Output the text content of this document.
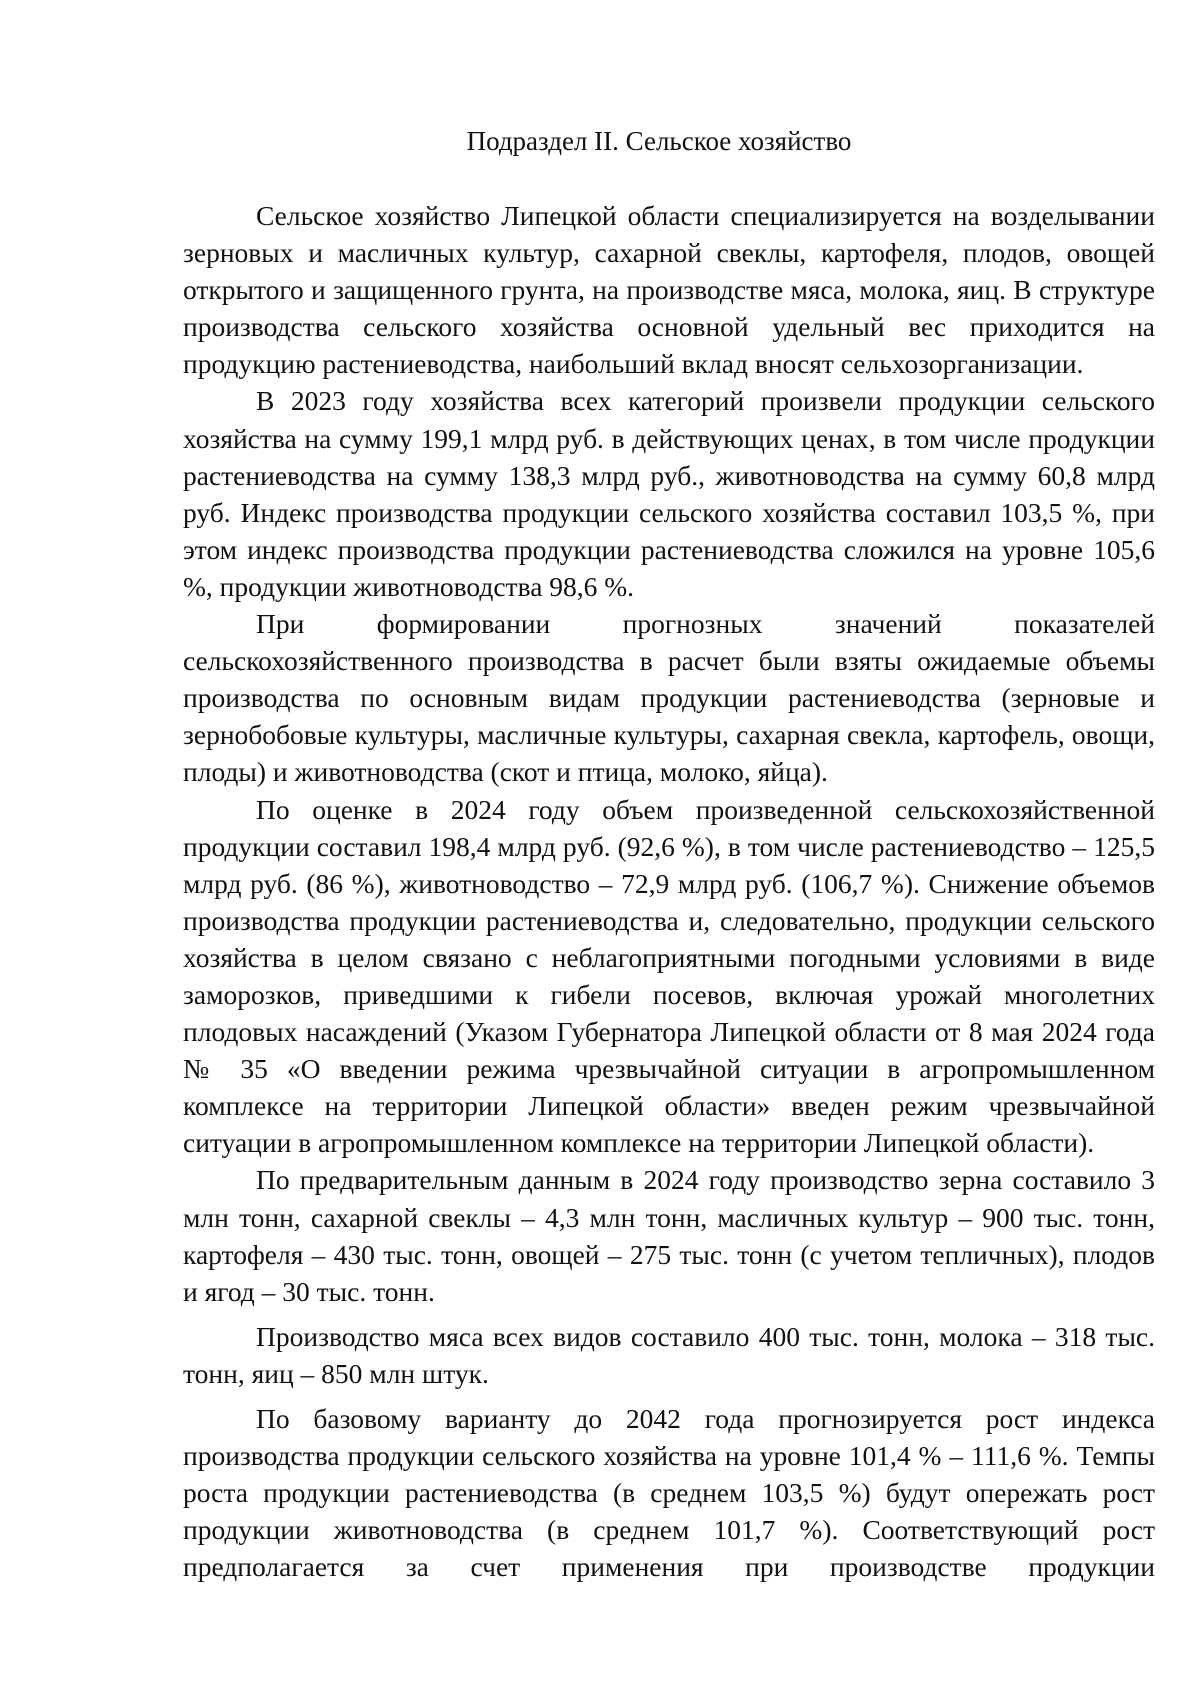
Подраздел II. Сельское хозяйство

Сельское хозяйство Липецкой области специализируется на возделывании зерновых и масличных культур, сахарной свеклы, картофеля, плодов, овощей открытого и защищенного грунта, на производстве мяса, молока, яиц. В структуре производства сельского хозяйства основной удельный вес приходится на продукцию растениеводства, наибольший вклад вносят сельхозорганизации.

В 2023 году хозяйства всех категорий произвели продукции сельского хозяйства на сумму 199,1 млрд руб. в действующих ценах, в том числе продукции растениеводства на сумму 138,3 млрд руб., животноводства на сумму 60,8 млрд руб. Индекс производства продукции сельского хозяйства составил 103,5 %, при этом индекс производства продукции растениеводства сложился на уровне 105,6 %, продукции животноводства 98,6 %.

При формировании прогнозных значений показателей сельскохозяйственного производства в расчет были взяты ожидаемые объемы производства по основным видам продукции растениеводства (зерновые и зернобобовые культуры, масличные культуры, сахарная свекла, картофель, овощи, плоды) и животноводства (скот и птица, молоко, яйца).

По оценке в 2024 году объем произведенной сельскохозяйственной продукции составил 198,4 млрд руб. (92,6 %), в том числе растениеводство – 125,5 млрд руб. (86 %), животноводство – 72,9 млрд руб. (106,7 %). Снижение объемов производства продукции растениеводства и, следовательно, продукции сельского хозяйства в целом связано с неблагоприятными погодными условиями в виде заморозков, приведшими к гибели посевов, включая урожай многолетних плодовых насаждений (Указом Губернатора Липецкой области от 8 мая 2024 года № 35 «О введении режима чрезвычайной ситуации в агропромышленном комплексе на территории Липецкой области» введен режим чрезвычайной ситуации в агропромышленном комплексе на территории Липецкой области).

По предварительным данным в 2024 году производство зерна составило 3 млн тонн, сахарной свеклы – 4,3 млн тонн, масличных культур – 900 тыс. тонн, картофеля – 430 тыс. тонн, овощей – 275 тыс. тонн (с учетом тепличных), плодов и ягод – 30 тыс. тонн.

Производство мяса всех видов составило 400 тыс. тонн, молока – 318 тыс. тонн, яиц – 850 млн штук.

По базовому варианту до 2042 года прогнозируется рост индекса производства продукции сельского хозяйства на уровне 101,4 % – 111,6 %. Темпы роста продукции растениеводства (в среднем 103,5 %) будут опережать рост продукции животноводства (в среднем 101,7 %). Соответствующий рост предполагается за счет применения при производстве продукции
